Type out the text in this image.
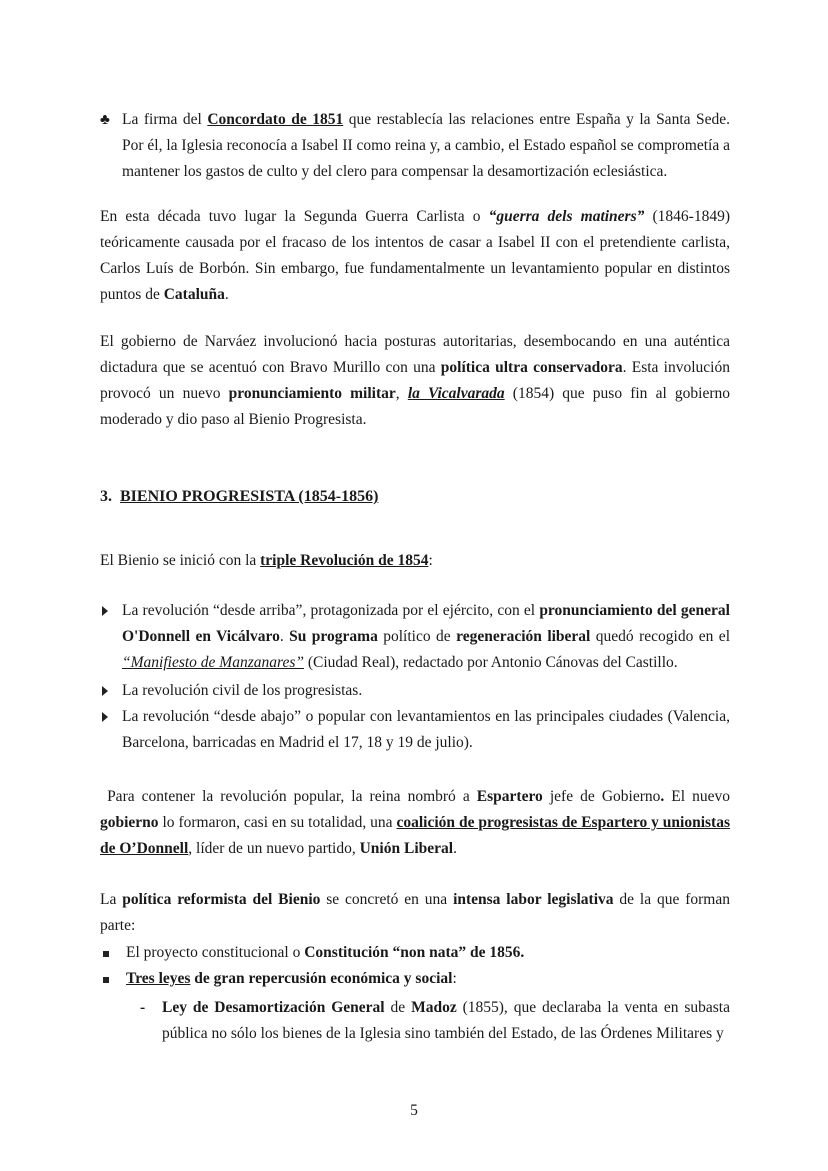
♣ La firma del Concordato de 1851 que restablecía las relaciones entre España y la Santa Sede. Por él, la Iglesia reconocía a Isabel II como reina y, a cambio, el Estado español se comprometía a mantener los gastos de culto y del clero para compensar la desamortización eclesiástica.

En esta década tuvo lugar la Segunda Guerra Carlista o “guerra dels matiners” (1846-1849) teóricamente causada por el fracaso de los intentos de casar a Isabel II con el pretendiente carlista, Carlos Luís de Borbón. Sin embargo, fue fundamentalmente un levantamiento popular en distintos puntos de Cataluña.

El gobierno de Narváez involucionó hacia posturas autoritarias, desembocando en una auténtica dictadura que se acentuó con Bravo Murillo con una política ultra conservadora. Esta involución provocó un nuevo pronunciamiento militar, la Vicalvarada (1854) que puso fin al gobierno moderado y dio paso al Bienio Progresista.

3. BIENIO PROGRESISTA (1854-1856)

El Bienio se inició con la triple Revolución de 1854:

La revolución “desde arriba”, protagonizada por el ejército, con el pronunciamiento del general O'Donnell en Vicálvaro. Su programa político de regeneración liberal quedó recogido en el “Manifiesto de Manzanares” (Ciudad Real), redactado por Antonio Cánovas del Castillo.
La revolución civil de los progresistas.
La revolución “desde abajo” o popular con levantamientos en las principales ciudades (Valencia, Barcelona, barricadas en Madrid el 17, 18 y 19 de julio).

Para contener la revolución popular, la reina nombró a Espartero jefe de Gobierno. El nuevo gobierno lo formaron, casi en su totalidad, una coalición de progresistas de Espartero y unionistas de O’Donnell, líder de un nuevo partido, Unión Liberal.

La política reformista del Bienio se concretó en una intensa labor legislativa de la que forman parte:

El proyecto constitucional o Constitución “non nata” de 1856.
Tres leyes de gran repercusión económica y social:
-	Ley de Desamortización General de Madoz (1855), que declaraba la venta en subasta pública no sólo los bienes de la Iglesia sino también del Estado, de las Órdenes Militares y
5
